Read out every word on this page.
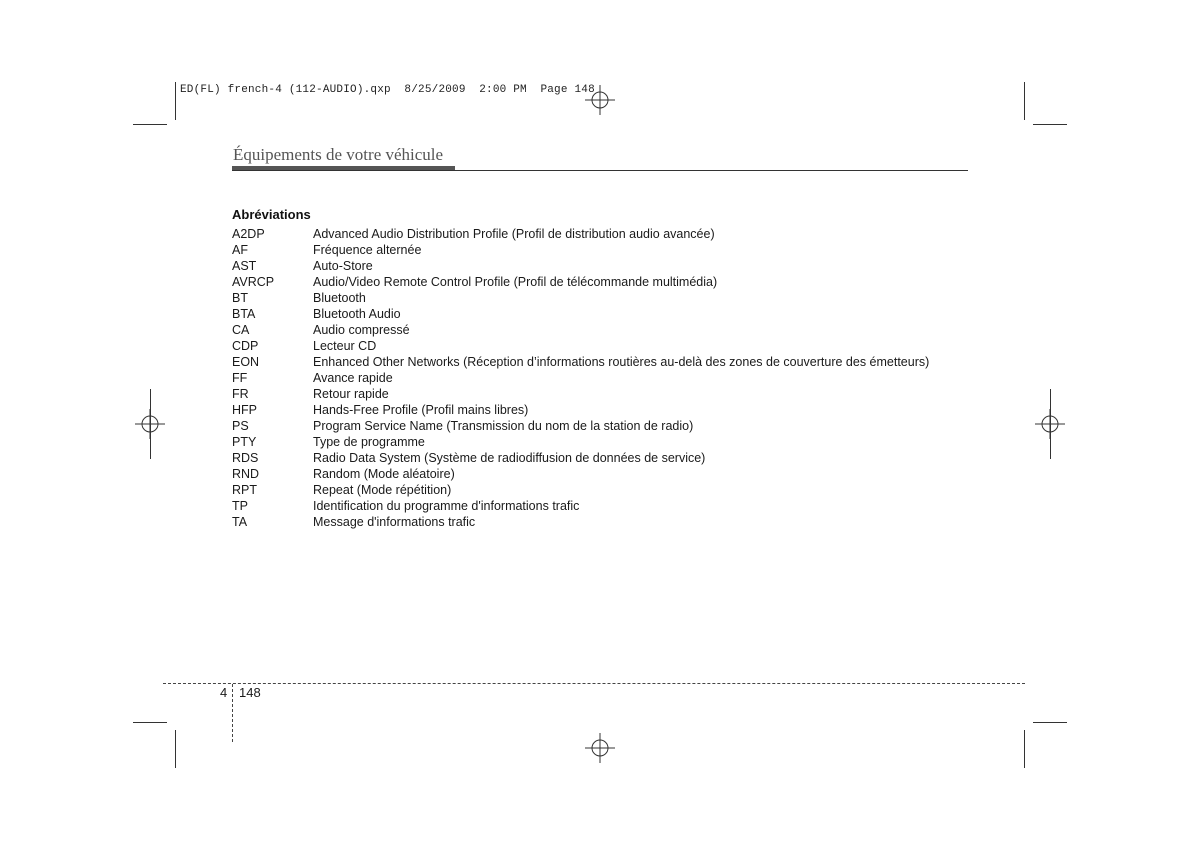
ED(FL) french-4 (112-AUDIO).qxp  8/25/2009  2:00 PM  Page 148
Équipements de votre véhicule
Abréviations
A2DP	Advanced Audio Distribution Profile (Profil de distribution audio avancée)
AF	Fréquence alternée
AST	Auto-Store
AVRCP	Audio/Video Remote Control Profile (Profil de télécommande multimédia)
BT	Bluetooth
BTA	Bluetooth Audio
CA	Audio compressé
CDP	Lecteur CD
EON	Enhanced Other Networks (Réception d’informations routières au-delà des zones de couverture des émetteurs)
FF	Avance rapide
FR	Retour rapide
HFP	Hands-Free Profile (Profil mains libres)
PS	Program Service Name (Transmission du nom de la station de radio)
PTY	Type de programme
RDS	Radio Data System (Système de radiodiffusion de données de service)
RND	Random (Mode aléatoire)
RPT	Repeat (Mode répétition)
TP	Identification du programme d'informations trafic
TA	Message d'informations trafic
4 148
